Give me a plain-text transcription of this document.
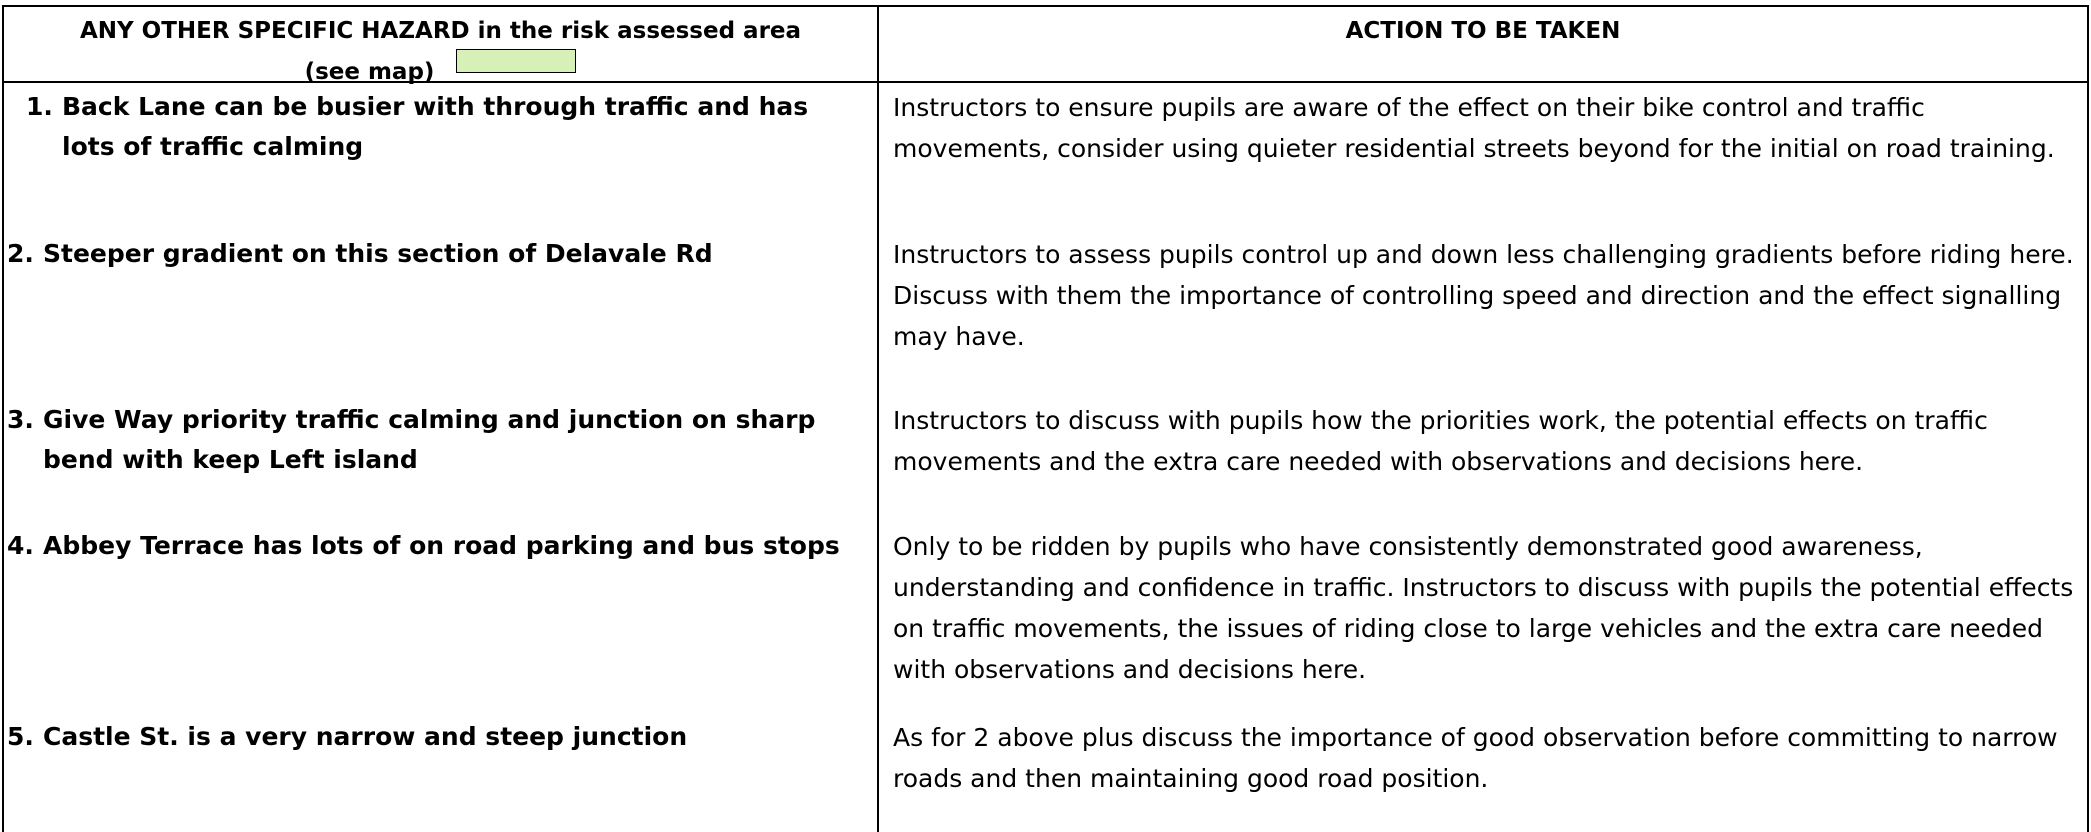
ANY OTHER SPECIFIC HAZARD in the risk assessed area
(see map)
ACTION TO BE TAKEN
1. Back Lane can be busier with through traffic and has lots of traffic calming
Instructors to ensure pupils are aware of the effect on their bike control and traffic movements, consider using quieter residential streets beyond for the initial on road training.
2. Steeper gradient on this section of Delavale Rd	Instructors to assess pupils control up and down less challenging gradients before riding here. Discuss with them the importance of controlling speed and direction and the effect signalling may have.
3. Give Way priority traffic calming and junction on sharp bend with keep Left island
Instructors to discuss with pupils how the priorities work, the potential effects on traffic movements and the extra care needed with observations and decisions here.
4. Abbey Terrace has lots of on road parking and bus stops Only to be ridden by pupils who have consistently demonstrated good awareness, understanding and confidence in traffic. Instructors to discuss with pupils the potential effects on traffic movements, the issues of riding close to large vehicles and the extra care needed with observations and decisions here.
5. Castle St. is a very narrow and steep junction	As for 2 above plus discuss the importance of good observation before committing to narrow roads and then maintaining good road position.
